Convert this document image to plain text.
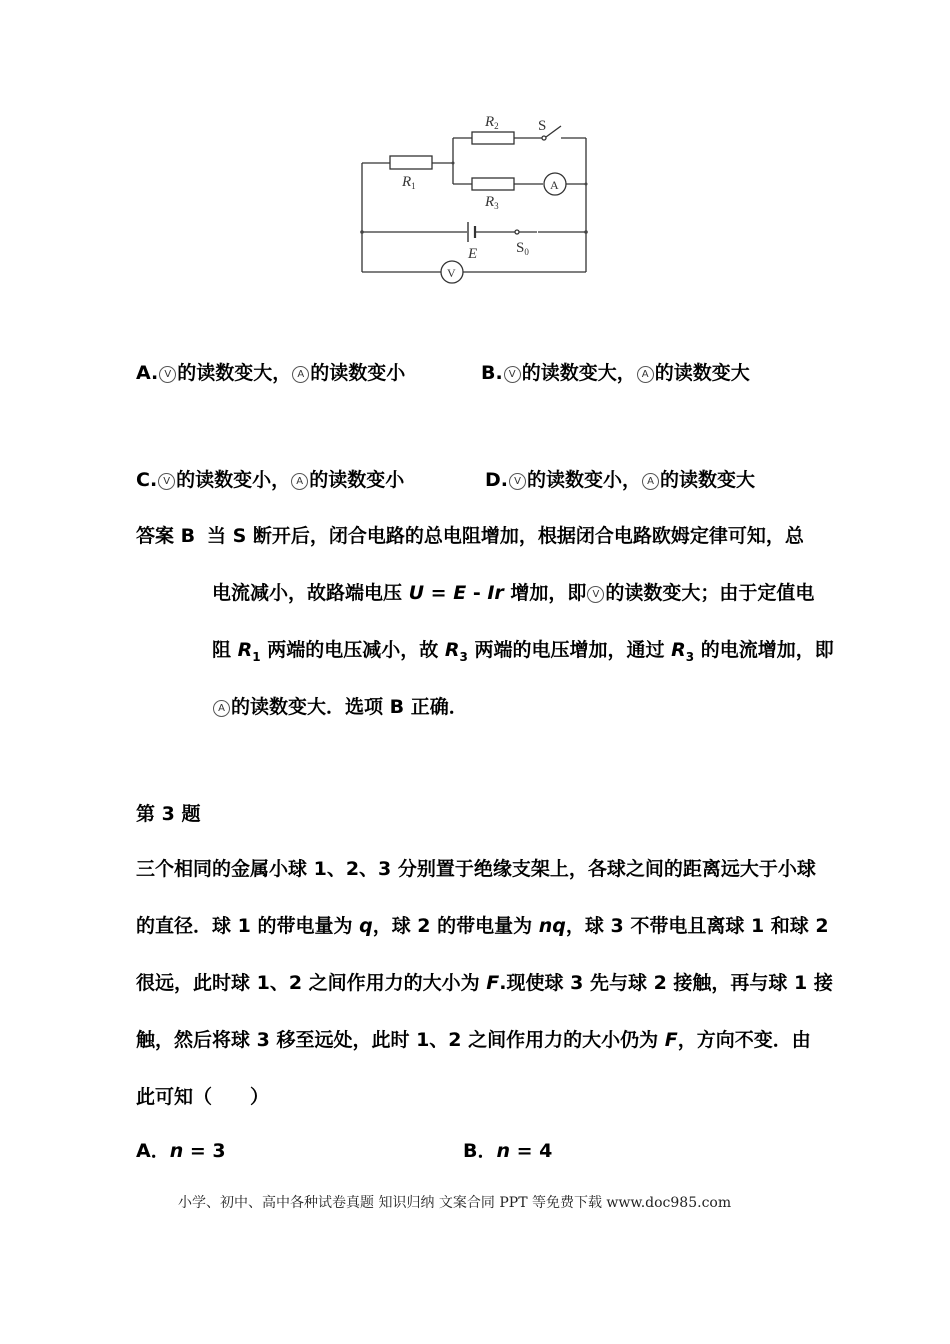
$R_2$
$R_1$
$R_3$
E
S
$S_0$
A
V
A. V 的读数变大， A 的读数变小	B. V 的读数变大， A 的读数变大
C. V 的读数变小， A 的读数变小	D. V 的读数变小， A 的读数变大
答案 B 当 S 断开后，闭合电路的总电阻增加，根据闭合电路欧姆定律可知，总
电流减小，故路端电压 U = E - Ir 增加，即 V 的读数变大；由于定值电
阻 $R_1$ 两端的电压减小，故 $R_3$ 两端的电压增加，通过 $R_3$ 的电流增加，即
A 的读数变大．选项 B 正确．
第 3 题
三个相同的金属小球 1、2、3 分别置于绝缘支架上，各球之间的距离远大于小球
的直径．球 1 的带电量为 q，球 2 的带电量为 nq，球 3 不带电且离球 1 和球 2
很远，此时球 1、2 之间作用力的大小为 F.现使球 3 先与球 2 接触，再与球 1 接
触，然后将球 3 移至远处，此时 1、2 之间作用力的大小仍为 F，方向不变．由
此可知（　　）
A．n = 3	B．n = 4
小学、初中、高中各种试卷真题 知识归纳 文案合同 PPT 等免费下载 www.doc985.com
